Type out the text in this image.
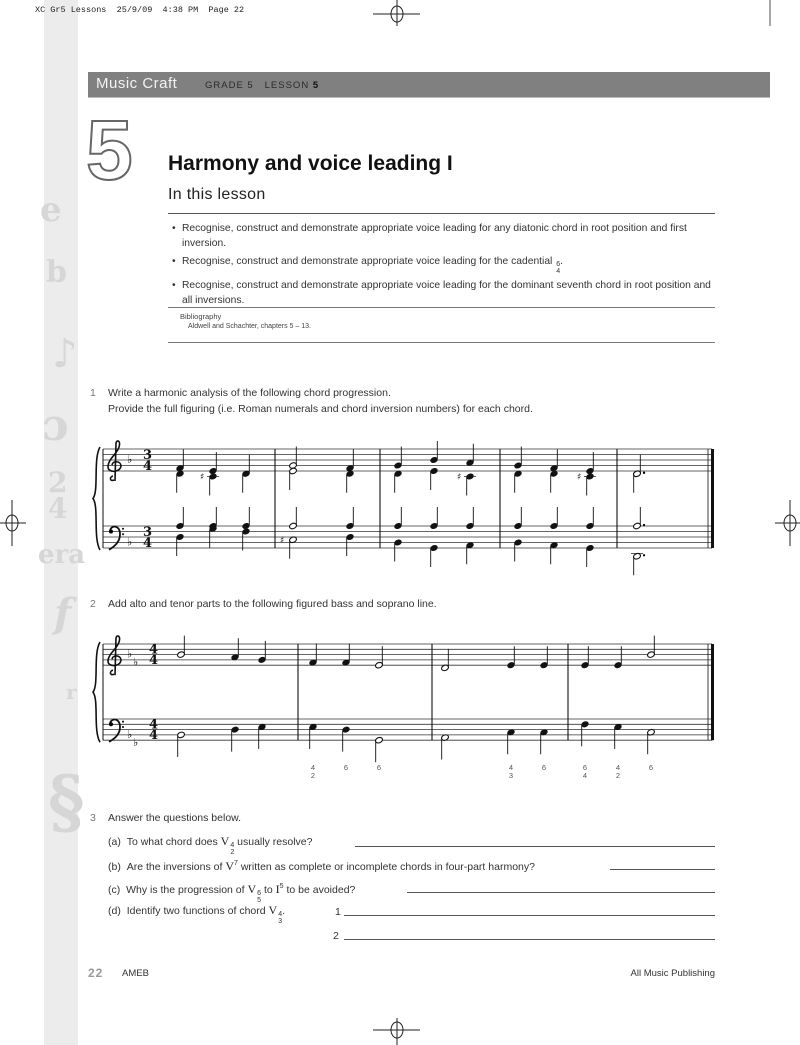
e
b
♪
ɔ
2
4
era
f
r
§
XC Gr5 Lessons  25/9/09  4:38 PM  Page 22
Music Craft	GRADE 5 LESSON 5
5 Harmony and voice leading I
In this lesson
• Recognise, construct and demonstrate appropriate voice leading for any diatonic chord in root position and first inversion.
• Recognise, construct and demonstrate appropriate voice leading for the cadential 6
4
.
• Recognise, construct and demonstrate appropriate voice leading for the dominant seventh chord in root position and all inversions.
Bibliography
Aldwell and Schachter, chapters 5 – 13.
1 Write a harmonic analysis of the following chord progression.
Provide the full figuring (i.e. Roman numerals and chord inversion numbers) for each chord.
2 Add alto and tenor parts to the following figured bass and soprano line.
♭
♭
3
4
3
4
♯
♯
♯	♯
♭
♭
♭
♭
4
4
4
4
4
2
6	6	4
3
6	6
4
4
2
6
3 Answer the questions below.
(a) To what chord does V 4
2
usually resolve?
(b) Are the inversions of $V^7$ written as complete or incomplete chords in four-part harmony?
(c) Why is the progression of V 6
5
to $I^5$ to be avoided?
(d) Identify two functions of chord V 4
3
.	1
2
22 AMEB	All Music Publishing
